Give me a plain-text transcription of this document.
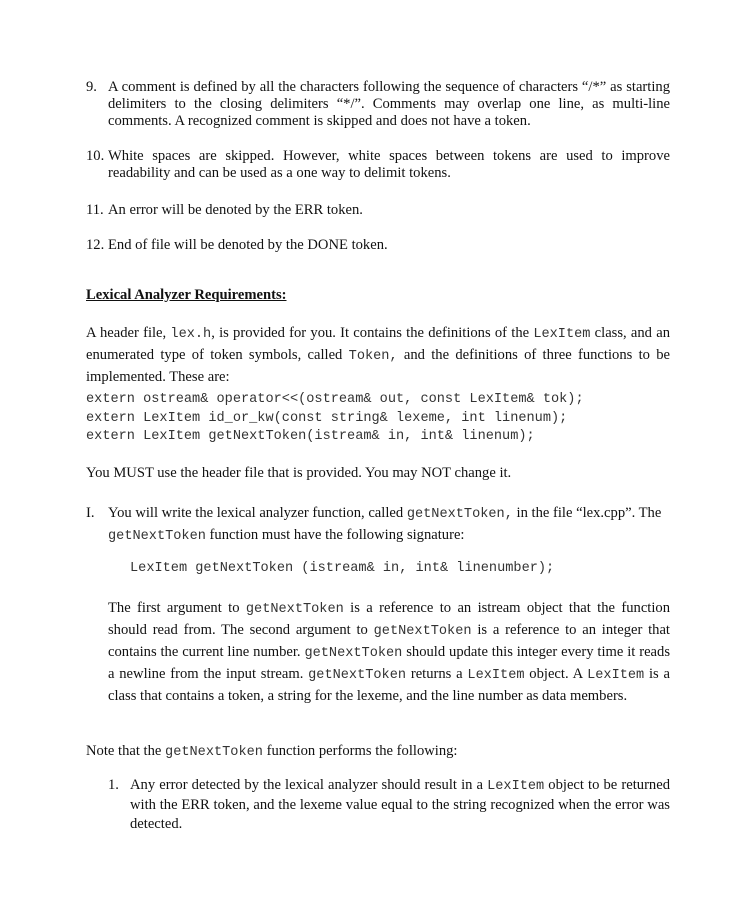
9. A comment is defined by all the characters following the sequence of characters “/*” as starting delimiters to the closing delimiters “*/”. Comments may overlap one line, as multi-line comments. A recognized comment is skipped and does not have a token.
10. White spaces are skipped. However, white spaces between tokens are used to improve readability and can be used as a one way to delimit tokens.
11. An error will be denoted by the ERR token.
12. End of file will be denoted by the DONE token.
Lexical Analyzer Requirements:
A header file, lex.h, is provided for you. It contains the definitions of the LexItem class, and an enumerated type of token symbols, called Token, and the definitions of three functions to be implemented. These are:
extern ostream& operator<<(ostream& out, const LexItem& tok);
extern LexItem id_or_kw(const string& lexeme, int linenum);
extern LexItem getNextToken(istream& in, int& linenum);
You MUST use the header file that is provided. You may NOT change it.
I. You will write the lexical analyzer function, called getNextToken, in the file “lex.cpp”. The getNextToken function must have the following signature:
LexItem getNextToken (istream& in, int& linenumber);
The first argument to getNextToken is a reference to an istream object that the function should read from. The second argument to getNextToken is a reference to an integer that contains the current line number. getNextToken should update this integer every time it reads a newline from the input stream. getNextToken returns a LexItem object. A LexItem is a class that contains a token, a string for the lexeme, and the line number as data members.
Note that the getNextToken function performs the following:
1. Any error detected by the lexical analyzer should result in a LexItem object to be returned with the ERR token, and the lexeme value equal to the string recognized when the error was detected.
